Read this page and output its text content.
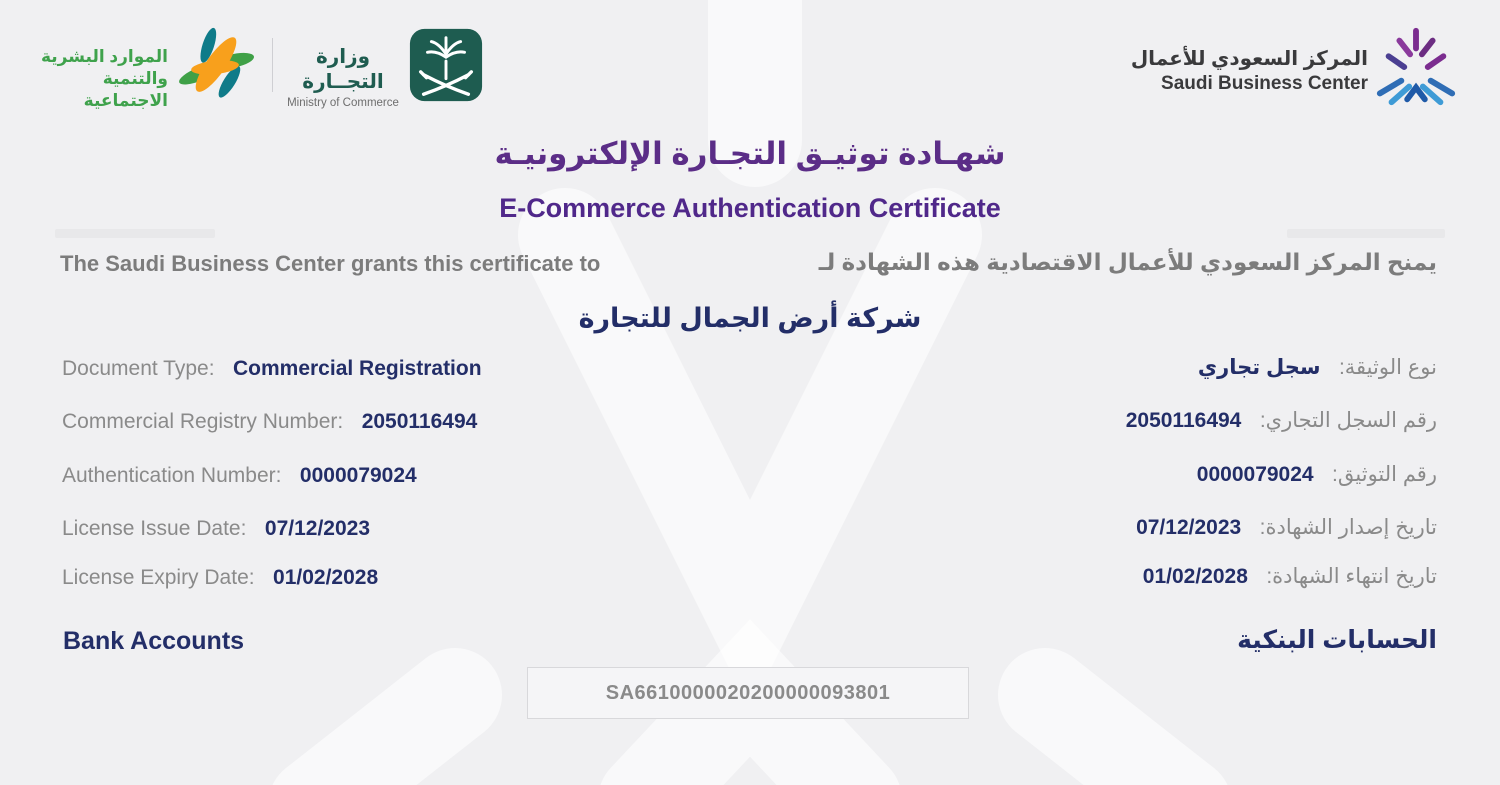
الموارد البشرية
والتنمية الاجتماعية
وزارة التجــارة
Ministry of Commerce
المركز السعودي للأعمال
Saudi Business Center
شهـادة توثيـق التجـارة الإلكترونيـة
E-Commerce Authentication Certificate
The Saudi Business Center grants this certificate to	يمنح المركز السعودي للأعمال الاقتصادية هذه الشهادة لـ
شركة أرض الجمال للتجارة
Document Type: Commercial Registration
Commercial Registry Number: 2050116494
Authentication Number: 0000079024
License Issue Date: 07/12/2023
License Expiry Date: 01/02/2028
نوع الوثيقة: سجل تجاري
رقم السجل التجاري: 2050116494
رقم التوثيق: 0000079024
تاريخ إصدار الشهادة: 07/12/2023
تاريخ انتهاء الشهادة: 01/02/2028
Bank Accounts	الحسابات البنكية
SA6610000020200000093801
